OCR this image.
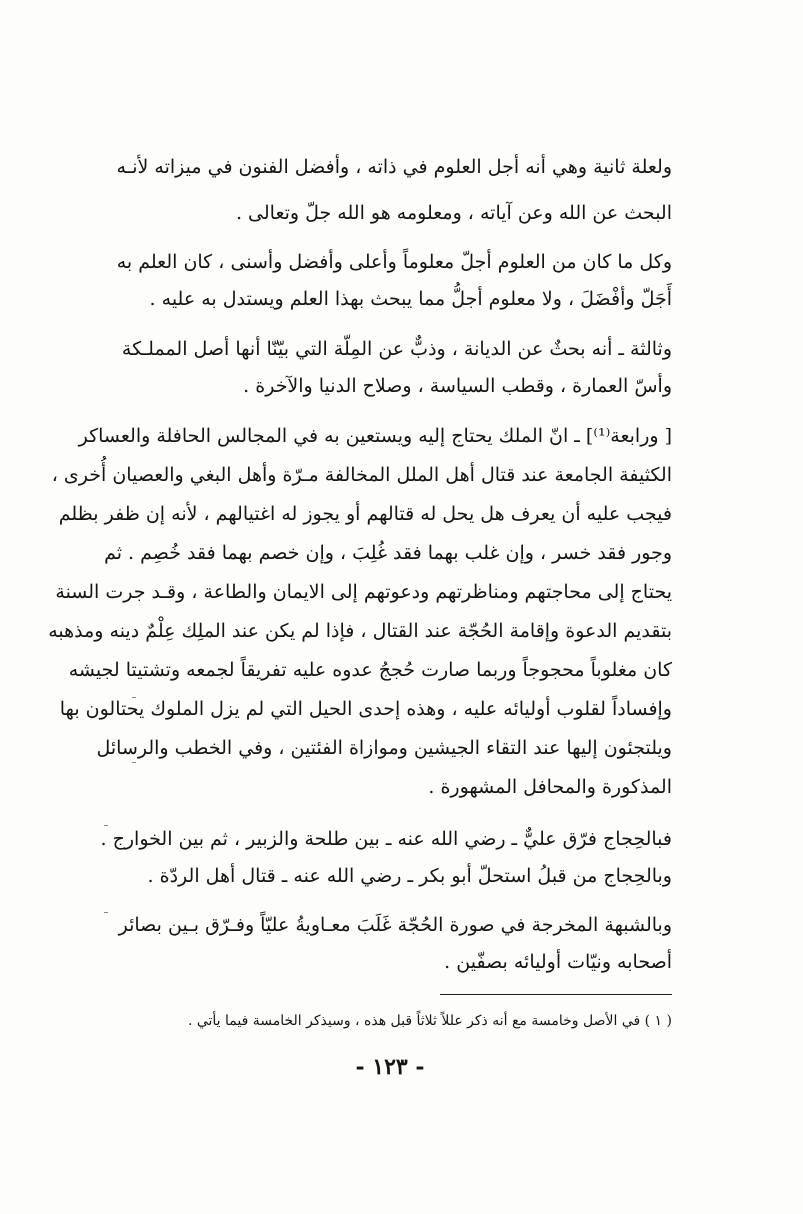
ولعلة ثانية وهي أنه أجل العلوم في ذاته ، وأفضل الفنون في ميزاته لأنـه
البحث عن الله وعن آياته ، ومعلومه هو الله جلّ وتعالى .
وكل ما كان من العلوم أجلّ معلوماً وأعلى وأفضل وأسنى ، كان العلم به
أَجَلّ وأفْضَلَ ، ولا معلوم أجلُّ مما يبحث بهذا العلم ويستدل به عليه .
وثالثة ـ أنه بحثٌ عن الديانة ، وذبٌّ عن المِلّة التي بيّنّا أنها أصل المملـكة
وأسّ العمارة ، وقطب السياسة ، وصلاح الدنيا والآخرة .
[ ورابعة⁽¹⁾] ـ انّ الملك يحتاج إليه ويستعين به في المجالس الحافلة والعساكر
الكثيفة الجامعة عند قتال أهل الملل المخالفة مـرّة وأهل البغي والعصيان أُخرى ،
فيجب عليه أن يعرف هل يحل له قتالهم أو يجوز له اغتيالهم ، لأنه إن ظفر بظلم
وجور فقد خسر ، وإن غلب بهما فقد غُلِبَ ، وإن خصم بهما فقد خُصِم . ثم
يحتاج إلى محاجتهم ومناظرتهم ودعوتهم إلى الايمان والطاعة ، وقـد جرت السنة
بتقديم الدعوة وإقامة الحُجّة عند القتال ، فإذا لم يكن عند الملِك عِلْمٌ دينه ومذهبه
كان مغلوباً محجوجاً وربما صارت حُججُ عدوه عليه تفريقاً لجمعه وتشتيتا لجيشه
وإفساداً لقلوب أوليائه عليه ، وهذه إحدى الحيل التي لم يزل الملوك يحتالون بها
ويلتجئون إليها عند التقاء الجيشين وموازاة الفئتين ، وفي الخطب والرسائل
المذكورة والمحافل المشهورة .
فبالحِجاج فرّق عليٌّ ـ رضي الله عنه ـ بين طلحة والزبير ، ثم بين الخوارج .
وبالحِجاج من قبلُ استحلّ أبو بكر ـ رضي الله عنه ـ قتال أهل الردّة .
وبالشبهة المخرجة في صورة الحُجّة غَلَبَ معـاويةُ عليّاً وفـرّق بـين بصائر
أصحابه ونيّات أوليائه بصفّين .
( ١ ) في الأصل وخامسة مع أنه ذكر عللاً ثلاثاً قبل هذه ، وسيذكر الخامسة فيما يأتي .
- ١٢٣ -
